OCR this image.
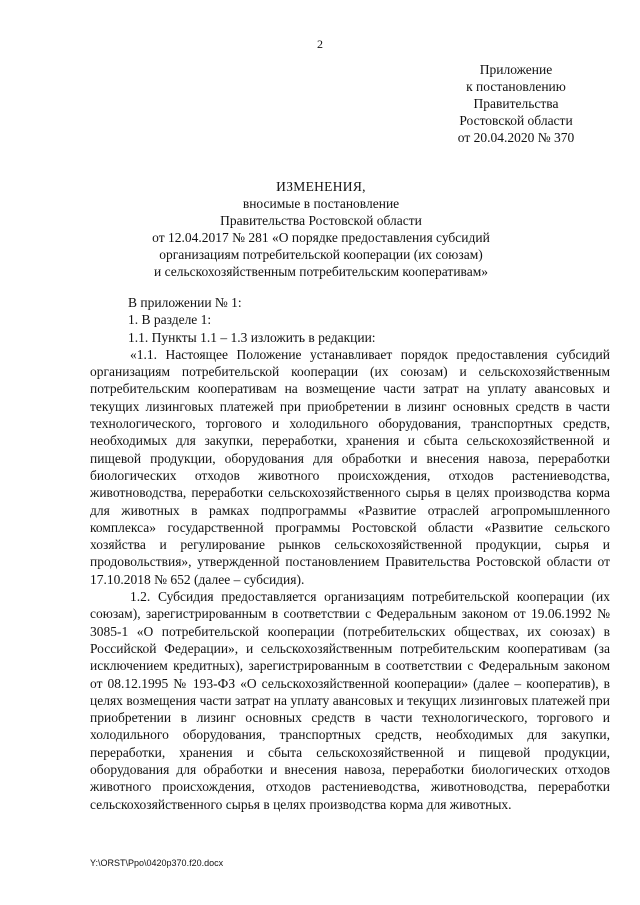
2
Приложение
к постановлению
Правительства
Ростовской области
от 20.04.2020 № 370
ИЗМЕНЕНИЯ,
вносимые в постановление
Правительства Ростовской области
от 12.04.2017 № 281 «О порядке предоставления субсидий
организациям потребительской кооперации (их союзам)
и сельскохозяйственным потребительским кооперативам»

В приложении № 1:

1. В разделе 1:

1.1. Пункты 1.1 – 1.3 изложить в редакции:

«1.1. Настоящее Положение устанавливает порядок предоставления субсидий организациям потребительской кооперации (их союзам) и сельскохозяйственным потребительским кооперативам на возмещение части затрат на уплату авансовых и текущих лизинговых платежей при приобретении в лизинг основных средств в части технологического, торгового и холодильного оборудования, транспортных средств, необходимых для закупки, переработки, хранения и сбыта сельскохозяйственной и пищевой продукции, оборудования для обработки и внесения навоза, переработки биологических отходов животного происхождения, отходов растениеводства, животноводства, переработки сельскохозяйственного сырья в целях производства корма для животных в рамках подпрограммы «Развитие отраслей агропромышленного комплекса» государственной программы Ростовской области «Развитие сельского хозяйства и регулирование рынков сельскохозяйственной продукции, сырья и продовольствия», утвержденной постановлением Правительства Ростовской области от 17.10.2018 № 652 (далее – субсидия).

1.2. Субсидия предоставляется организациям потребительской кооперации (их союзам), зарегистрированным в соответствии с Федеральным законом от 19.06.1992 № 3085-1 «О потребительской кооперации (потребительских обществах, их союзах) в Российской Федерации», и сельскохозяйственным потребительским кооперативам (за исключением кредитных), зарегистрированным в соответствии с Федеральным законом от 08.12.1995 № 193-ФЗ «О сельскохозяйственной кооперации» (далее – кооператив), в целях возмещения части затрат на уплату авансовых и текущих лизинговых платежей при приобретении в лизинг основных средств в части технологического, торгового и холодильного оборудования, транспортных средств, необходимых для закупки, переработки, хранения и сбыта сельскохозяйственной и пищевой продукции, оборудования для обработки и внесения навоза, переработки биологических отходов животного происхождения, отходов растениеводства, животноводства, переработки сельскохозяйственного сырья в целях производства корма для животных.

Y:\ORST\Ppo\0420p370.f20.docx
